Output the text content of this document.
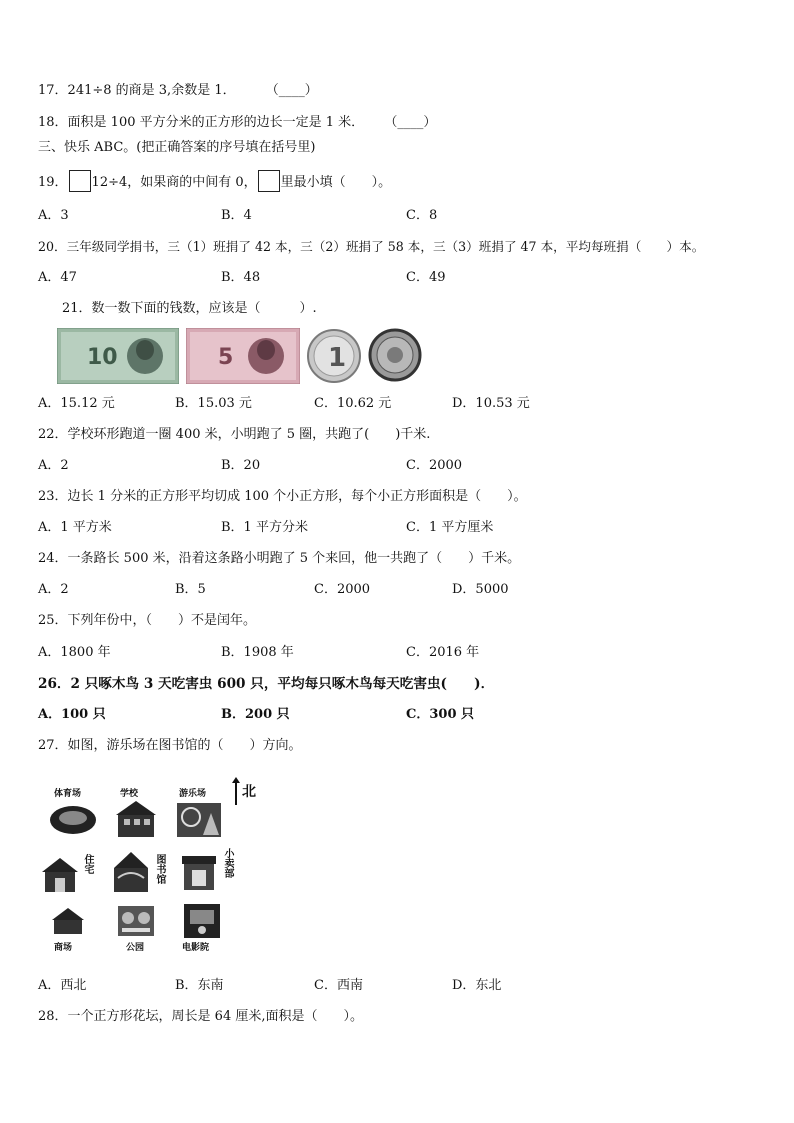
17．241÷8 的商是 3,余数是 1． （____）
18．面积是 100 平方分米的正方形的边长一定是 1 米． （____）
三、快乐 ABC。(把正确答案的序号填在括号里)
19． 12÷4，如果商的中间有 0， 里最小填（　　）。
A．3	B．4	C．8
20．三年级同学捐书，三（1）班捐了 42 本，三（2）班捐了 58 本，三（3）班捐了 47 本，平均每班捐（　　）本。
A．47	B．48	C．49
21．数一数下面的钱数，应该是（　　　）.
10	5	1
A．15.12 元	B．15.03 元	C．10.62 元	D．10.53 元
22．学校环形跑道一圈 400 米，小明跑了 5 圈，共跑了(　　)千米.
A．2	B．20	C．2000
23．边长 1 分米的正方形平均切成 100 个小正方形，每个小正方形面积是（　　）。
A．1 平方米	B．1 平方分米	C．1 平方厘米
24．一条路长 500 米，沿着这条路小明跑了 5 个来回，他一共跑了（　　）千米。
A．2	B．5	C．2000	D．5000
25．下列年份中，（　　）不是闰年。
A．1800 年	B．1908 年	C．2016 年
26．2 只啄木鸟 3 天吃害虫 600 只，平均每只啄木鸟每天吃害虫(　　)．
A．100 只	B．200 只	C．300 只
27．如图，游乐场在图书馆的（　　）方向。
体育场	学校	游乐场	北
住宅	图书馆	小卖部
商场	公园	电影院
A．西北	B．东南	C．西南	D．东北
28．一个正方形花坛，周长是 64 厘米,面积是（　　）。
